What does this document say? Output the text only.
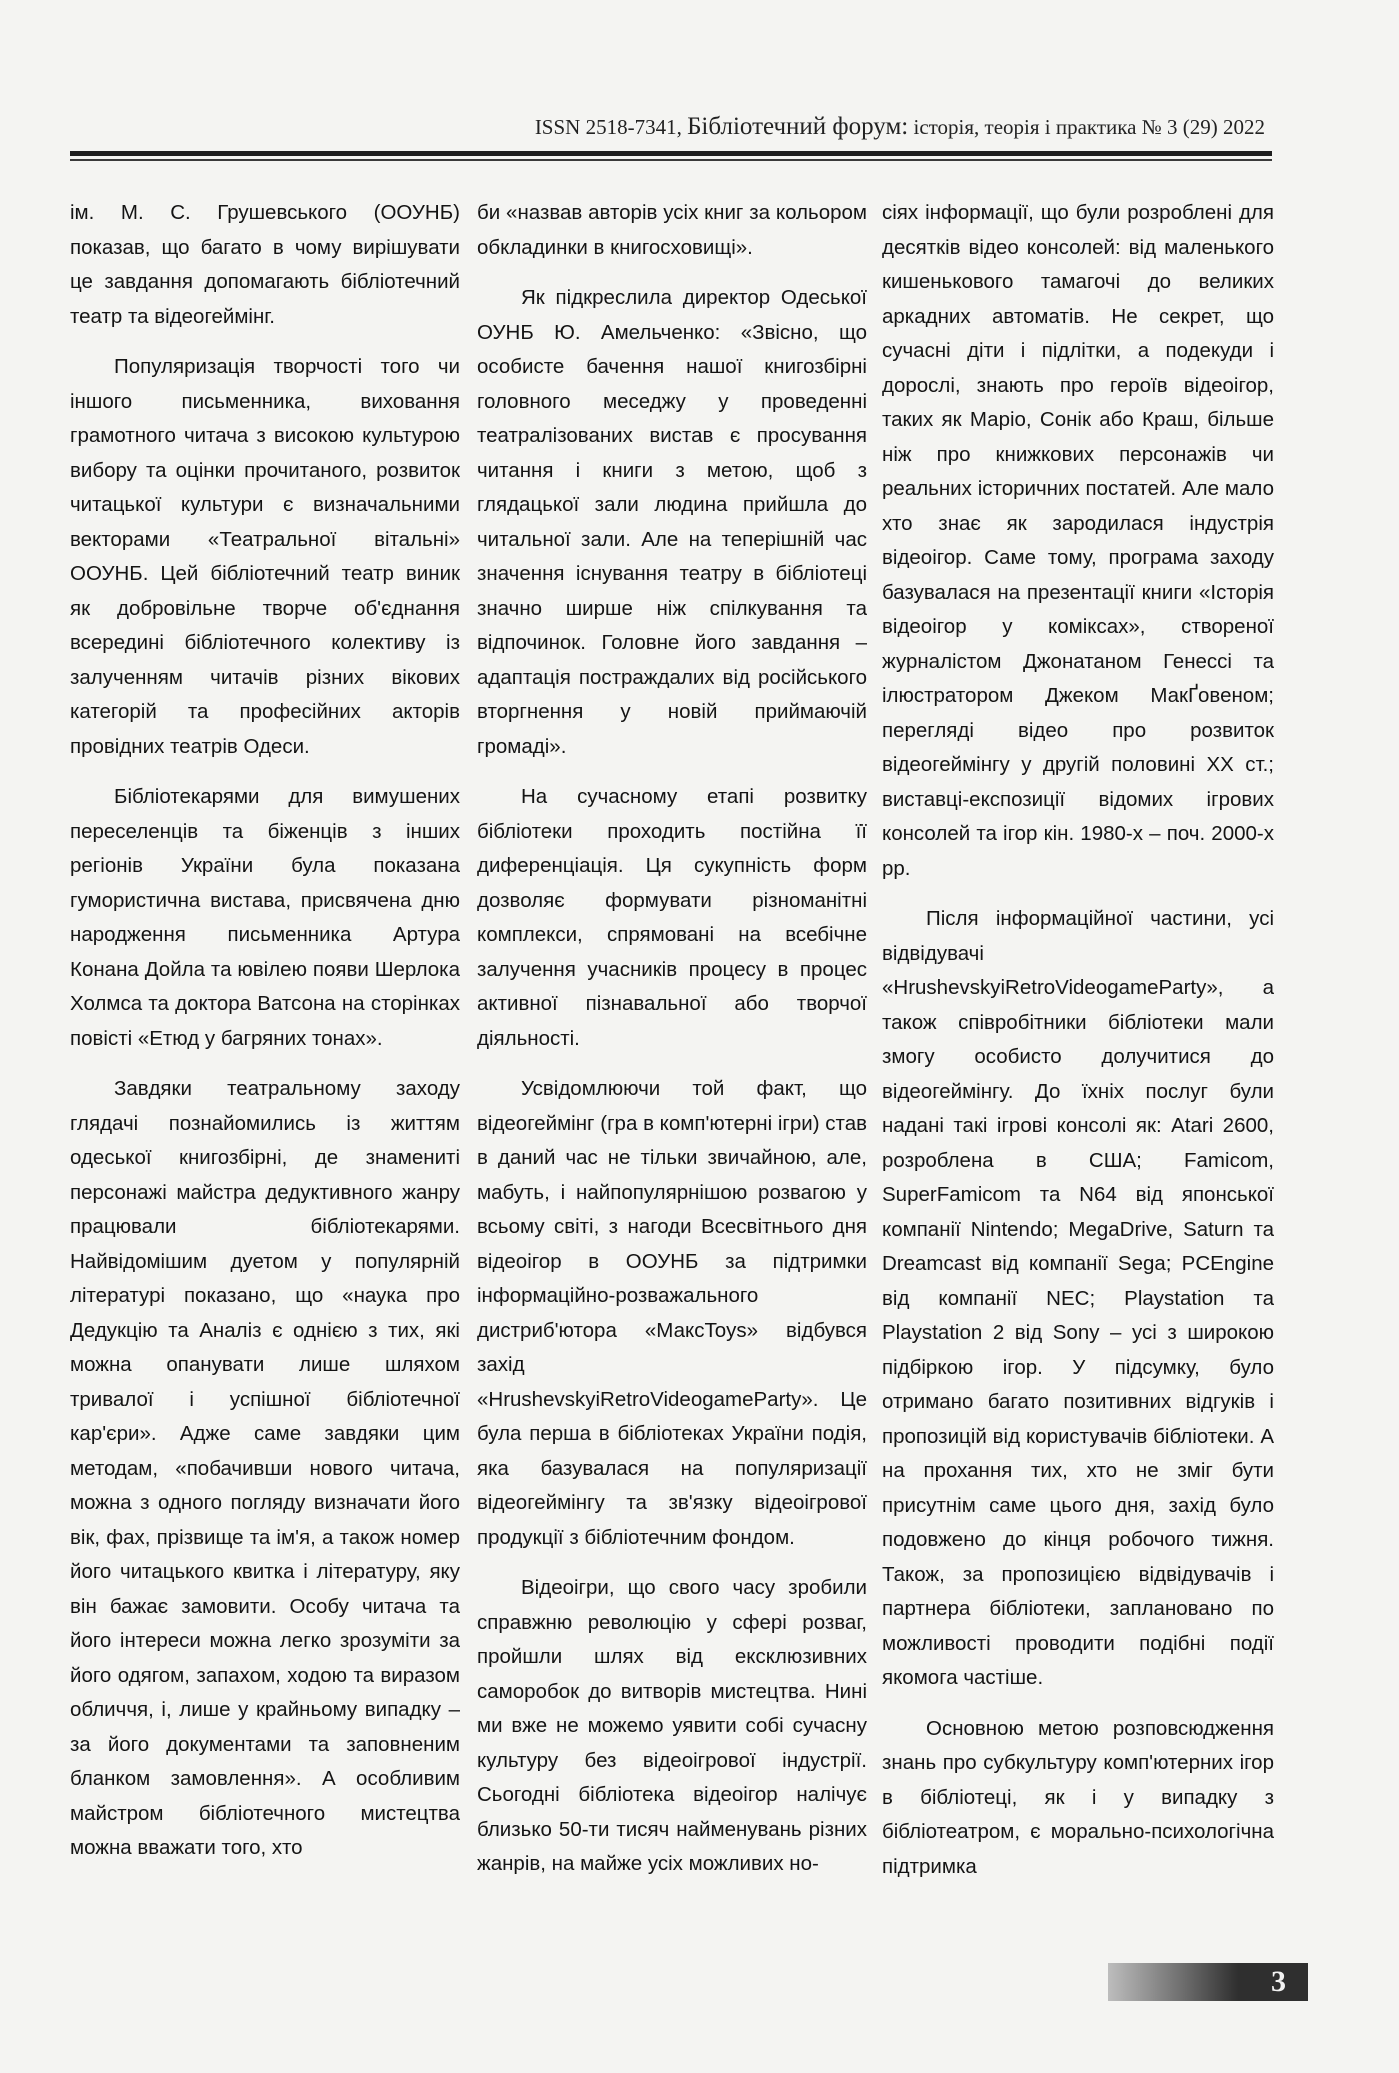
ISSN 2518-7341, Бібліотечний форум: історія, теорія і практика № 3 (29) 2022

ім. М. С. Грушевського (ООУНБ) показав, що багато в чому вирішувати це завдання допомагають бібліотечний театр та відеогеймінг.

Популяризація творчості того чи іншого письменника, виховання грамотного читача з високою культурою вибору та оцінки прочитаного, розвиток читацької культури є визначальними векторами «Театральної вітальні» ООУНБ. Цей бібліотечний театр виник як добровільне творче об'єднання всередині бібліотечного колективу із залученням читачів різних вікових категорій та професійних акторів провідних театрів Одеси.

Бібліотекарями для вимушених переселенців та біженців з інших регіонів України була показана гумористична вистава, присвячена дню народження письменника Артура Конана Дойла та ювілею появи Шерлока Холмса та доктора Ватсона на сторінках повісті «Етюд у багряних тонах».

Завдяки театральному заходу глядачі познайомились із життям одеської книгозбірні, де знамениті персонажі майстра дедуктивного жанру працювали бібліотекарями. Найвідомішим дуетом у популярній літературі показано, що «наука про Дедукцію та Аналіз є однією з тих, які можна опанувати лише шляхом тривалої і успішної бібліотечної кар'єри». Адже саме завдяки цим методам, «побачивши нового читача, можна з одного погляду визначати його вік, фах, прізвище та ім'я, а також номер його читацького квитка і літературу, яку він бажає замовити. Особу читача та його інтереси можна легко зрозуміти за його одягом, запахом, ходою та виразом обличчя, і, лише у крайньому випадку – за його документами та заповненим бланком замовлення». А особливим майстром бібліотечного мистецтва можна вважати того, хто

би «назвав авторів усіх книг за кольором обкладинки в книгосховищі».

Як підкреслила директор Одеської ОУНБ Ю. Амельченко: «Звісно, що особисте бачення нашої книгозбірні головного меседжу у проведенні театралізованих вистав є просування читання і книги з метою, щоб з глядацької зали людина прийшла до читальної зали. Але на теперішній час значення існування театру в бібліотеці значно ширше ніж спілкування та відпочинок. Головне його завдання – адаптація постраждалих від російського вторгнення у новій приймаючій громаді».

На сучасному етапі розвитку бібліотеки проходить постійна її диференціація. Ця сукупність форм дозволяє формувати різноманітні комплекси, спрямовані на всебічне залучення учасників процесу в процес активної пізнавальної або творчої діяльності.

Усвідомлюючи той факт, що відеогеймінг (гра в комп'ютерні ігри) став в даний час не тільки звичайною, але, мабуть, і найпопулярнішою розвагою у всьому світі, з нагоди Всесвітнього дня відеоігор в ООУНБ за підтримки інформаційно-розважального дистриб'ютора «МаксToys» відбувся захід «HrushevskyiRetroVideogameParty». Це була перша в бібліотеках України подія, яка базувалася на популяризації відеогеймінгу та зв'язку відеоігрової продукції з бібліотечним фондом.

Відеоігри, що свого часу зробили справжню революцію у сфері розваг, пройшли шлях від ексклюзивних саморобок до витворів мистецтва. Нині ми вже не можемо уявити собі сучасну культуру без відеоігрової індустрії. Сьогодні бібліотека відеоігор налічує близько 50-ти тисяч найменувань різних жанрів, на майже усіх можливих но-

сіях інформації, що були розроблені для десятків відео консолей: від маленького кишенькового тамагочі до великих аркадних автоматів. Не секрет, що сучасні діти і підлітки, а подекуди і дорослі, знають про героїв відеоігор, таких як Маріо, Сонік або Краш, більше ніж про книжкових персонажів чи реальних історичних постатей. Але мало хто знає як зародилася індустрія відеоігор. Саме тому, програма заходу базувалася на презентації книги «Історія відеоігор у коміксах», створеної журналістом Джонатаном Генессі та ілюстратором Джеком МакҐовеном; перегляді відео про розвиток відеогеймінгу у другій половині XX ст.; виставці-експозиції відомих ігрових консолей та ігор кін. 1980-х – поч. 2000-х рр.

Після інформаційної частини, усі відвідувачі «HrushevskyiRetroVideogameParty», а також співробітники бібліотеки мали змогу особисто долучитися до відеогеймінгу. До їхніх послуг були надані такі ігрові консолі як: Atari 2600, розроблена в США; Famicom, SuperFamicom та N64 від японської компанії Nintendo; MegaDrive, Saturn та Dreamcast від компанії Sega; PCEngine від компанії NEC; Playstation та Playstation 2 від Sony – усі з широкою підбіркою ігор. У підсумку, було отримано багато позитивних відгуків і пропозицій від користувачів бібліотеки. А на прохання тих, хто не зміг бути присутнім саме цього дня, захід було подовжено до кінця робочого тижня. Також, за пропозицією відвідувачів і партнера бібліотеки, заплановано по можливості проводити подібні події якомога частіше.

Основною метою розповсюдження знань про субкультуру комп'ютерних ігор в бібліотеці, як і у випадку з бібліотеатром, є морально-психологічна підтримка

3
